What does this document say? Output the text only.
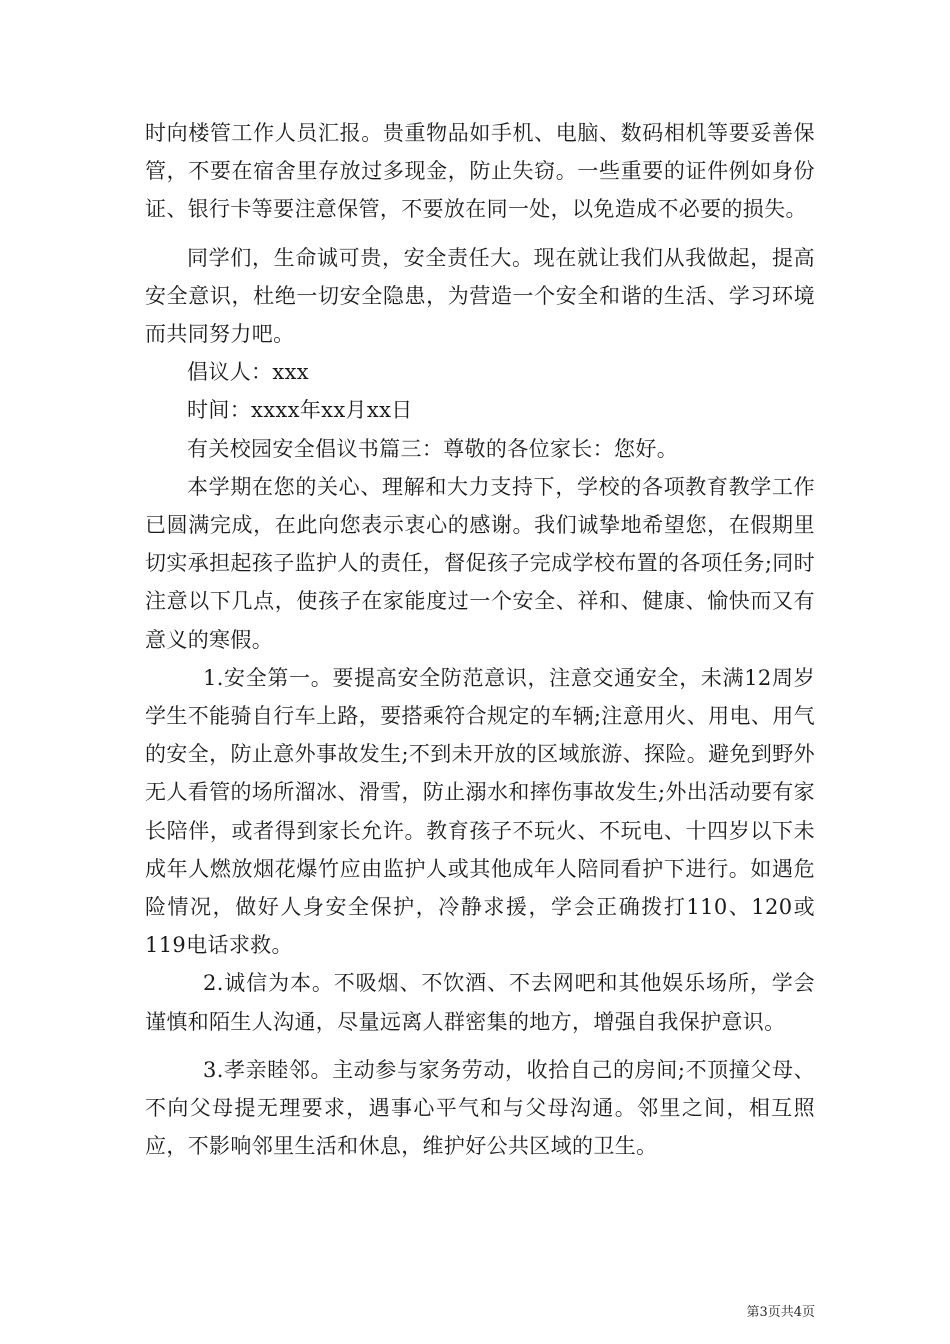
时向楼管工作人员汇报。贵重物品如手机、电脑、数码相机等要妥善保管，不要在宿舍里存放过多现金，防止失窃。一些重要的证件例如身份证、银行卡等要注意保管，不要放在同一处，以免造成不必要的损失。

同学们，生命诚可贵，安全责任大。现在就让我们从我做起，提高安全意识，杜绝一切安全隐患，为营造一个安全和谐的生活、学习环境而共同努力吧。

倡议人：xxx

时间：xxxx年xx月xx日

有关校园安全倡议书篇三：尊敬的各位家长：您好。

本学期在您的关心、理解和大力支持下，学校的各项教育教学工作已圆满完成，在此向您表示衷心的感谢。我们诚挚地希望您，在假期里切实承担起孩子监护人的责任，督促孩子完成学校布置的各项任务;同时注意以下几点，使孩子在家能度过一个安全、祥和、健康、愉快而又有意义的寒假。

1.安全第一。要提高安全防范意识，注意交通安全，未满12周岁学生不能骑自行车上路，要搭乘符合规定的车辆;注意用火、用电、用气的安全，防止意外事故发生;不到未开放的区域旅游、探险。避免到野外无人看管的场所溜冰、滑雪，防止溺水和摔伤事故发生;外出活动要有家长陪伴，或者得到家长允许。教育孩子不玩火、不玩电、十四岁以下未成年人燃放烟花爆竹应由监护人或其他成年人陪同看护下进行。如遇危险情况，做好人身安全保护，冷静求援，学会正确拨打110、120或119电话求救。

2.诚信为本。不吸烟、不饮酒、不去网吧和其他娱乐场所，学会谨慎和陌生人沟通，尽量远离人群密集的地方，增强自我保护意识。

3.孝亲睦邻。主动参与家务劳动，收拾自己的房间;不顶撞父母、不向父母提无理要求，遇事心平气和与父母沟通。邻里之间，相互照应，不影响邻里生活和休息，维护好公共区域的卫生。

第3页共4页
